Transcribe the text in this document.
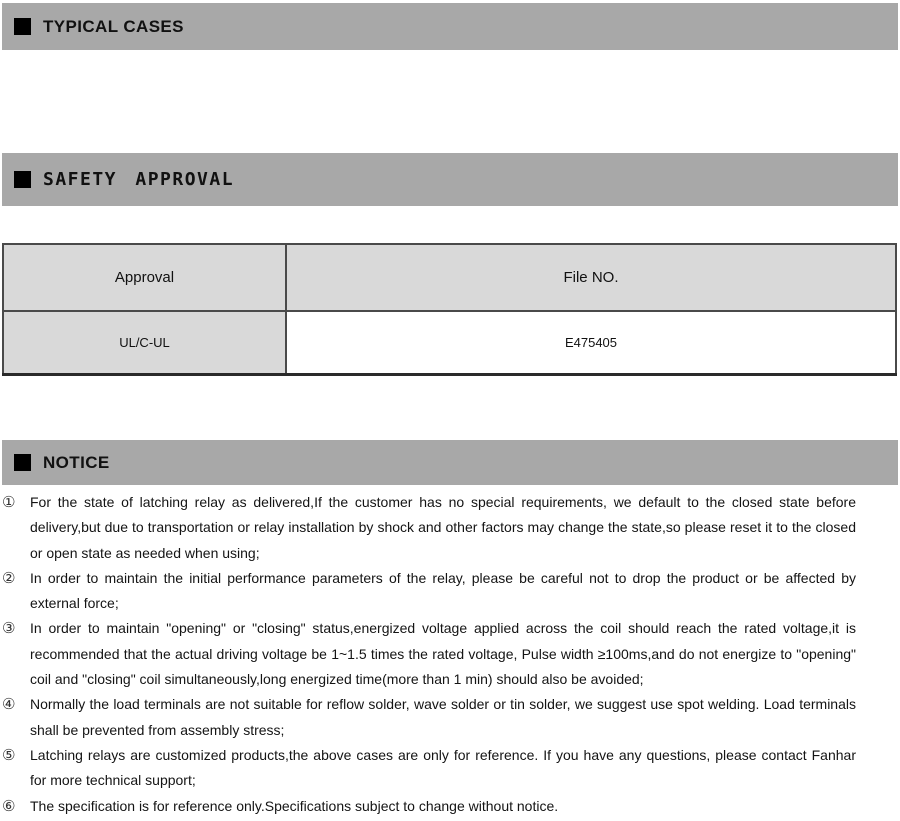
TYPICAL CASES
SAFETY APPROVAL
Approval	File NO.
UL/C-UL	E475405
NOTICE
① For the state of latching relay as delivered,If the customer has no special requirements, we default to the closed state before delivery,but due to transportation or relay installation by shock and other factors may change the state,so please reset it to the closed or open state as needed when using;
② In order to maintain the initial performance parameters of the relay, please be careful not to drop the product or be affected by external force;
③ In order to maintain "opening" or "closing" status,energized voltage applied across the coil should reach the rated voltage,it is recommended that the actual driving voltage be 1~1.5 times the rated voltage, Pulse width ≥100ms,and do not energize to "opening" coil and "closing" coil simultaneously,long energized time(more than 1 min) should also be avoided;
④ Normally the load terminals are not suitable for reflow solder, wave solder or tin solder, we suggest use spot welding. Load terminals shall be prevented from assembly stress;
⑤ Latching relays are customized products,the above cases are only for reference. If you have any questions, please contact Fanhar for more technical support;
⑥ The specification is for reference only.Specifications subject to change without notice.
